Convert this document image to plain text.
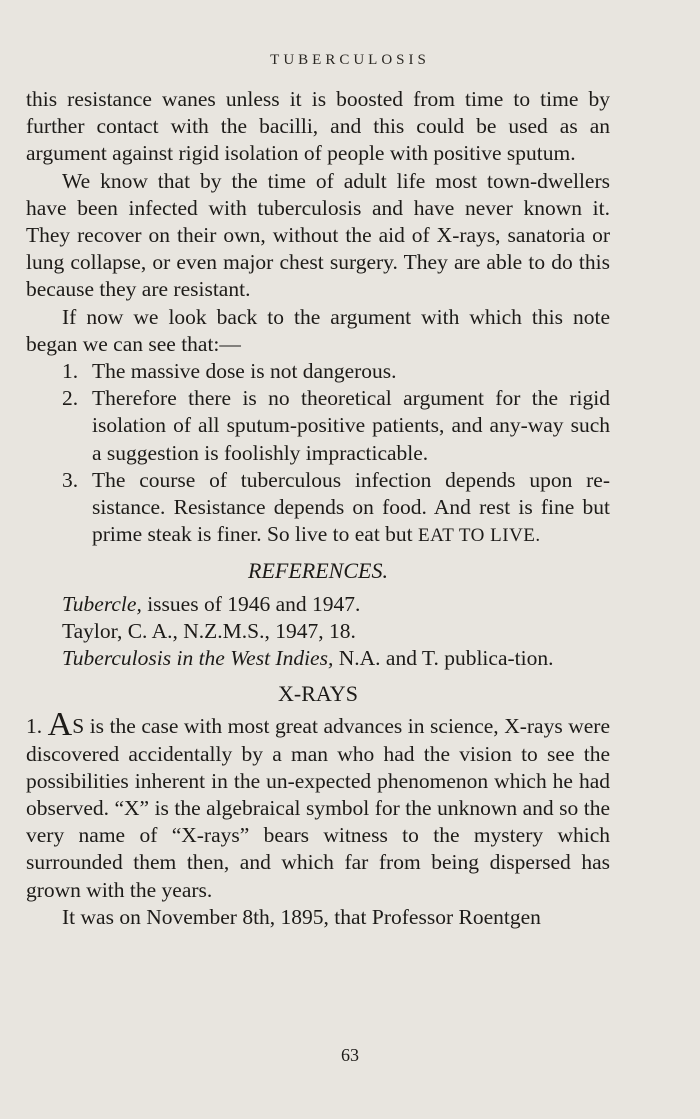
TUBERCULOSIS

this resistance wanes unless it is boosted from time to time by further contact with the bacilli, and this could be used as an argument against rigid isolation of people with positive sputum.

We know that by the time of adult life most town-dwellers have been infected with tuberculosis and have never known it. They recover on their own, without the aid of X-rays, sanatoria or lung collapse, or even major chest surgery. They are able to do this because they are resistant.

If now we look back to the argument with which this note began we can see that:—

1. The massive dose is not dangerous.
2. Therefore there is no theoretical argument for the rigid isolation of all sputum-positive patients, and any-way such a suggestion is foolishly impracticable.
3. The course of tuberculous infection depends upon re-sistance. Resistance depends on food. And rest is fine but prime steak is finer. So live to eat but EAT TO LIVE.
REFERENCES.

Tubercle, issues of 1946 and 1947.

Taylor, C. A., N.Z.M.S., 1947, 18.

Tuberculosis in the West Indies, N.A. and T. publica-tion.

X-RAYS

1. AS is the case with most great advances in science, X-rays were discovered accidentally by a man who had the vision to see the possibilities inherent in the un-expected phenomenon which he had observed. “X” is the algebraical symbol for the unknown and so the very name of “X-rays” bears witness to the mystery which surrounded them then, and which far from being dispersed has grown with the years.

It was on November 8th, 1895, that Professor Roentgen

63
